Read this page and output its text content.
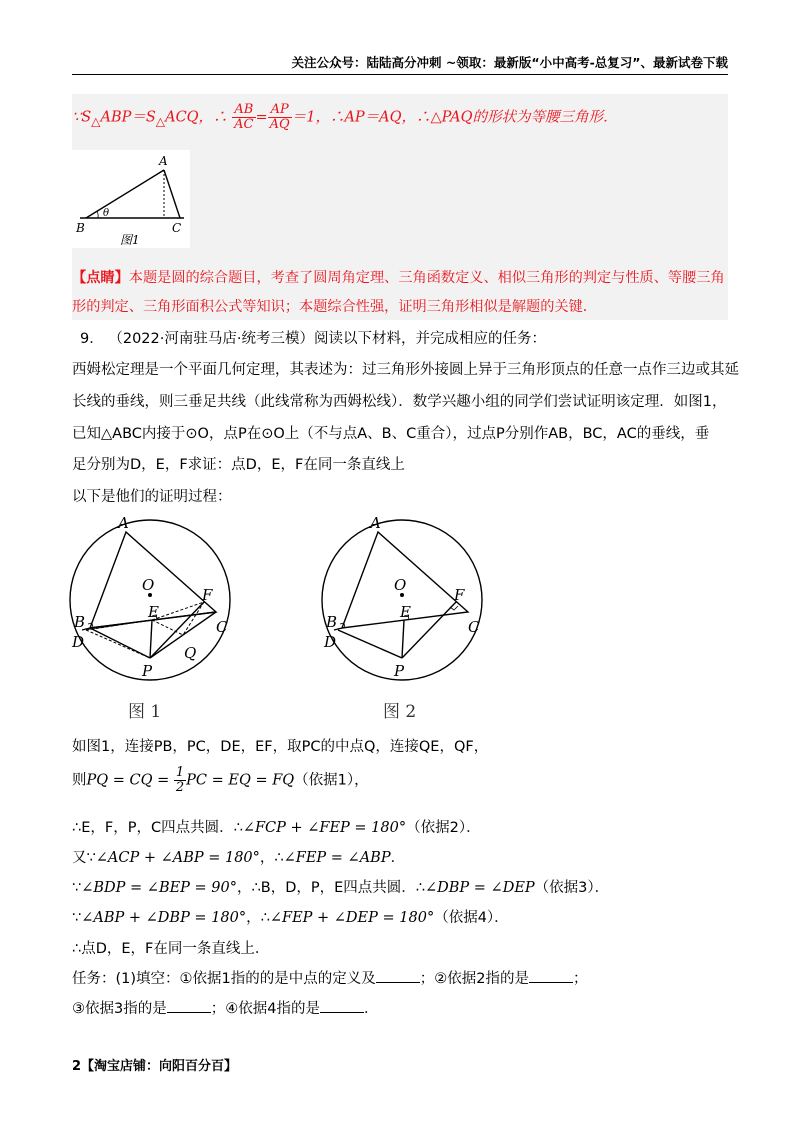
关注公众号：陆陆高分冲刺 ~领取：最新版“小中高考-总复习”、最新试卷下载
$\because S_\triangle ABP=S_\triangle ACQ$，∴ $\frac{AB}{AC} = \frac{AP}{AQ} =1$，∴AP＝AQ，∴△PAQ的形状为等腰三角形．
A
B	C
θ
图1
【点睛】本题是圆的综合题目，考查了圆周角定理、三角函数定义、相似三角形的判定与性质、等腰三角
形的判定、三角形面积公式等知识；本题综合性强，证明三角形相似是解题的关键．
9． （2022·河南驻马店·统考三模）阅读以下材料，并完成相应的任务：
西姆松定理是一个平面几何定理，其表述为：过三角形外接圆上异于三角形顶点的任意一点作三边或其延
长线的垂线，则三垂足共线（此线常称为西姆松线）．数学兴趣小组的同学们尝试证明该定理．如图1，
已知△ABC内接于⊙O，点P在⊙O上（不与点A、B、C重合），过点P分别作AB，BC，AC的垂线，垂
足分别为D，E，F求证：点D，E，F在同一条直线上
以下是他们的证明过程：
A
O
E
F
B	C
D
P
Q
图 1
A
O
E
F
B	C
D
P
图 2
如图1，连接PB，PC，DE，EF，取PC的中点Q，连接QE，QF，
则PQ = CQ = $\frac{1}{2}$ PC = EQ = FQ（依据1），
∴E，F，P，C四点共圆．∴∠FCP + ∠FEP = 180°（依据2）．
又∵∠ACP + ∠ABP = 180°，∴∠FEP = ∠ABP．
∵∠BDP = ∠BEP = 90°，∴B，D，P，E四点共圆．∴∠DBP = ∠DEP（依据3）．
∵∠ABP + ∠DBP = 180°，∴∠FEP + ∠DEP = 180°（依据4）．
∴点D，E，F在同一条直线上．
任务：(1)填空：①依据1指的的是中点的定义及	；②依据2指的是	；
③依据3指的是	；④依据4指的是	．
2【淘宝店铺：向阳百分百】
